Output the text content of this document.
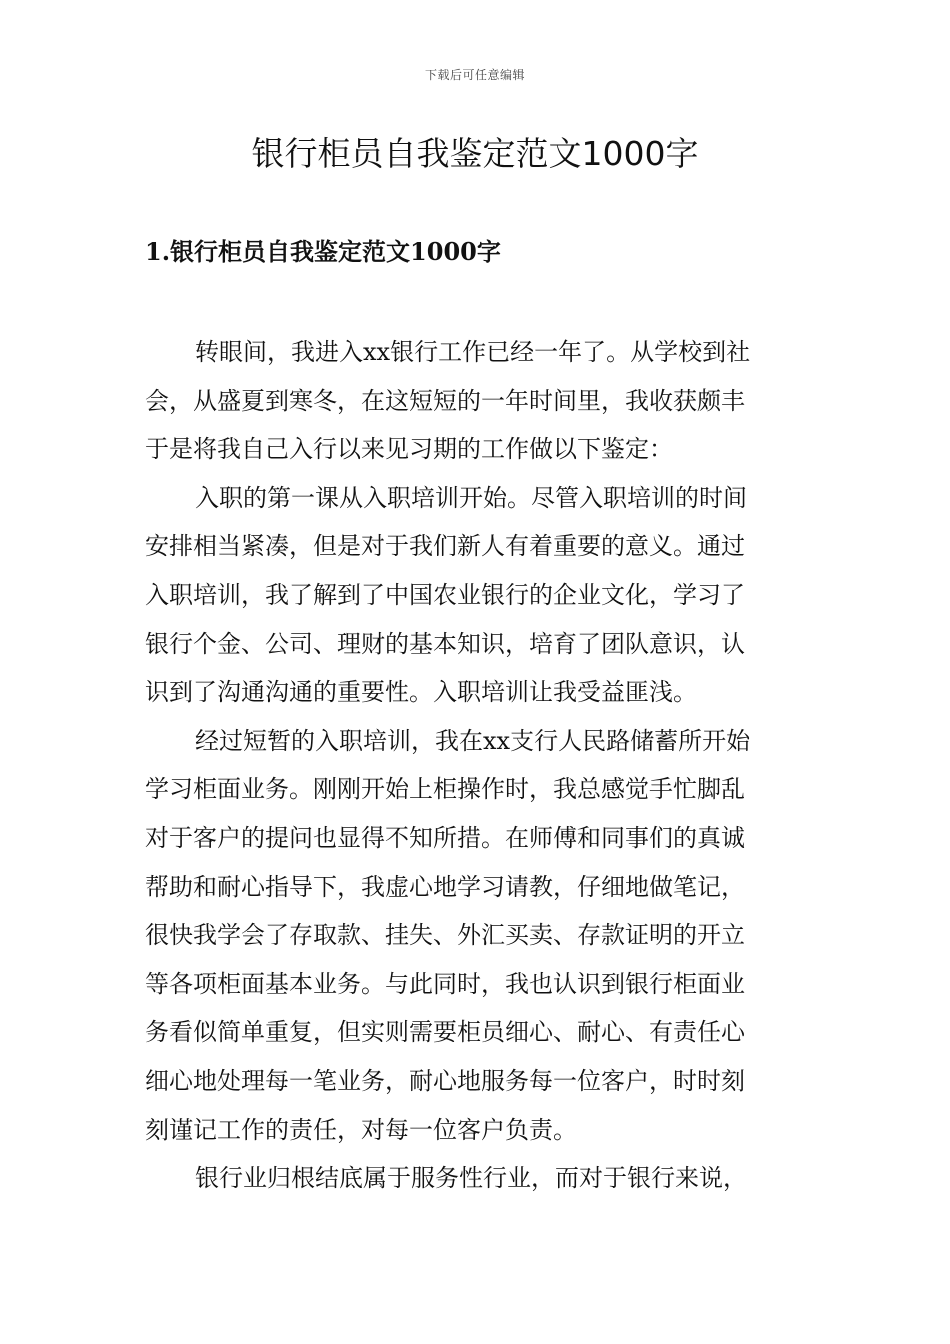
下载后可任意编辑
银行柜员自我鉴定范文1000字
1.银行柜员自我鉴定范文1000字

转眼间，我进入xx银行工作已经一年了。从学校到社
会，从盛夏到寒冬，在这短短的一年时间里，我收获颇丰
于是将我自己入行以来见习期的工作做以下鉴定：

入职的第一课从入职培训开始。尽管入职培训的时间
安排相当紧凑，但是对于我们新人有着重要的意义。通过
入职培训，我了解到了中国农业银行的企业文化，学习了
银行个金、公司、理财的基本知识，培育了团队意识，认
识到了沟通沟通的重要性。入职培训让我受益匪浅。

经过短暂的入职培训，我在xx支行人民路储蓄所开始
学习柜面业务。刚刚开始上柜操作时，我总感觉手忙脚乱
对于客户的提问也显得不知所措。在师傅和同事们的真诚
帮助和耐心指导下，我虚心地学习请教，仔细地做笔记，
很快我学会了存取款、挂失、外汇买卖、存款证明的开立
等各项柜面基本业务。与此同时，我也认识到银行柜面业
务看似简单重复，但实则需要柜员细心、耐心、有责任心
细心地处理每一笔业务，耐心地服务每一位客户，时时刻
刻谨记工作的责任，对每一位客户负责。

银行业归根结底属于服务性行业，而对于银行来说，
